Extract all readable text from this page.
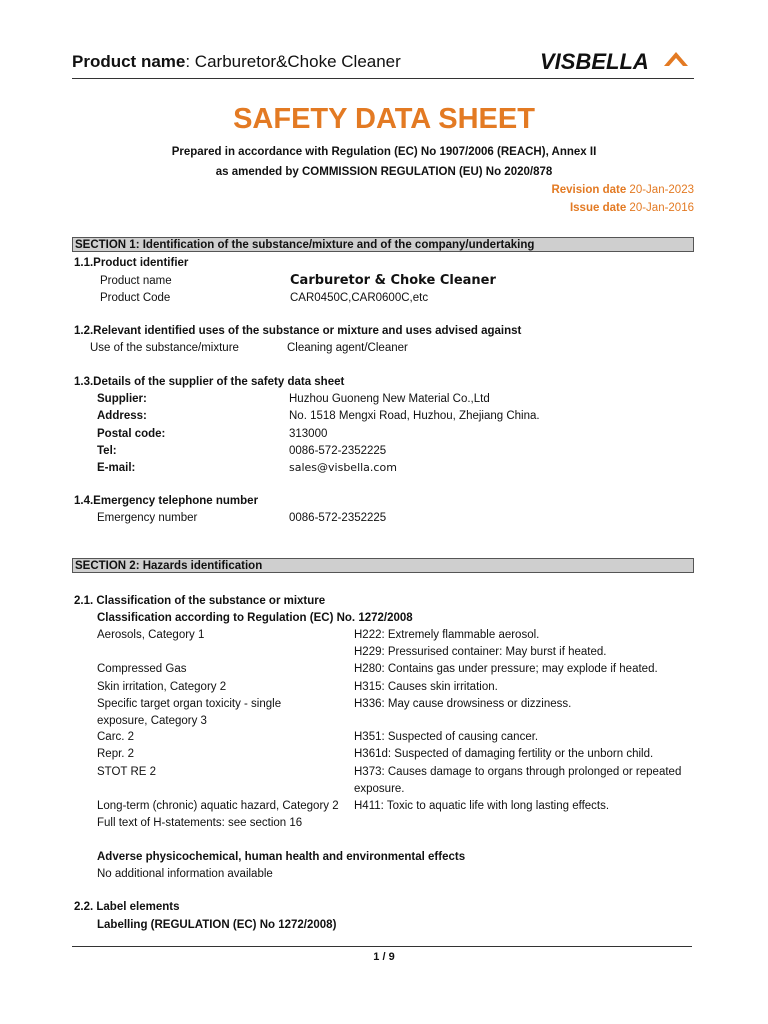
Product name: Carburetor&Choke Cleaner	VISBELLA
SAFETY DATA SHEET
Prepared in accordance with Regulation (EC) No 1907/2006 (REACH), Annex II
as amended by COMMISSION REGULATION (EU) No 2020/878
Revision date 20-Jan-2023
Issue date 20-Jan-2016
SECTION 1: Identification of the substance/mixture and of the company/undertaking
1.1.Product identifier
Product name	Carburetor & Choke Cleaner
Product Code	CAR0450C,CAR0600C,etc
1.2.Relevant identified uses of the substance or mixture and uses advised against
Use of the substance/mixture	Cleaning agent/Cleaner
1.3.Details of the supplier of the safety data sheet
Supplier:	Huzhou Guoneng New Material Co.,Ltd
Address:	No. 1518 Mengxi Road, Huzhou, Zhejiang China.
Postal code:	313000
Tel:	0086-572-2352225
E-mail:	sales@visbella.com
1.4.Emergency telephone number
Emergency number	0086-572-2352225
SECTION 2: Hazards identification
2.1. Classification of the substance or mixture
Classification according to Regulation (EC) No. 1272/2008
Aerosols, Category 1	H222: Extremely flammable aerosol.
H229: Pressurised container: May burst if heated.
Compressed Gas	H280: Contains gas under pressure; may explode if heated.
Skin irritation, Category 2	H315: Causes skin irritation.
Specific target organ toxicity - single	H336: May cause drowsiness or dizziness.
exposure, Category 3
Carc. 2	H351: Suspected of causing cancer.
Repr. 2	H361d: Suspected of damaging fertility or the unborn child.
STOT RE 2	H373: Causes damage to organs through prolonged or repeated
exposure.
Long-term (chronic) aquatic hazard, Category 2 H411: Toxic to aquatic life with long lasting effects.
Full text of H-statements: see section 16
Adverse physicochemical, human health and environmental effects
No additional information available
2.2. Label elements
Labelling (REGULATION (EC) No 1272/2008)
1 / 9
